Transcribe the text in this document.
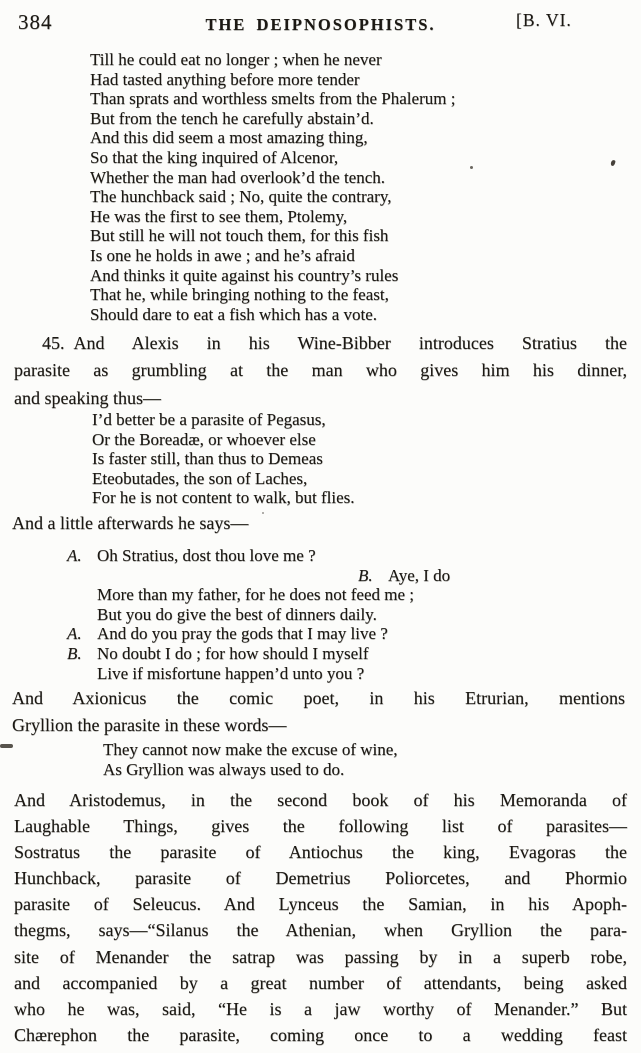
384	THE DEIPNOSOPHISTS.	[B. VI.
Till he could eat no longer ; when he never
Had tasted anything before more tender
Than sprats and worthless smelts from the Phalerum ;
But from the tench he carefully abstain’d.
And this did seem a most amazing thing,
So that the king inquired of Alcenor,
Whether the man had overlook’d the tench.
The hunchback said ; No, quite the contrary,
He was the first to see them, Ptolemy,
But still he will not touch them, for this fish
Is one he holds in awe ; and he’s afraid
And thinks it quite against his country’s rules
That he, while bringing nothing to the feast,
Should dare to eat a fish which has a vote.
45. And Alexis in his Wine-Bibber introduces Stratius the
parasite as grumbling at the man who gives him his dinner,
and speaking thus—
I’d better be a parasite of Pegasus,
Or the Boreadæ, or whoever else
Is faster still, than thus to Demeas
Eteobutades, the son of Laches,
For he is not content to walk, but flies.
And a little afterwards he says—
A. Oh Stratius, dost thou love me ?
B. Aye, I do
More than my father, for he does not feed me ;
But you do give the best of dinners daily.
A. And do you pray the gods that I may live ?
B. No doubt I do ; for how should I myself
Live if misfortune happen’d unto you ?
And Axionicus the comic poet, in his Etrurian, mentions
Gryllion the parasite in these words—
They cannot now make the excuse of wine,
As Gryllion was always used to do.
And Aristodemus, in the second book of his Memoranda of
Laughable Things, gives the following list of parasites—
Sostratus the parasite of Antiochus the king, Evagoras the
Hunchback, parasite of Demetrius Poliorcetes, and Phormio
parasite of Seleucus. And Lynceus the Samian, in his Apoph-
thegms, says—“Silanus the Athenian, when Gryllion the para-
site of Menander the satrap was passing by in a superb robe,
and accompanied by a great number of attendants, being asked
who he was, said, “He is a jaw worthy of Menander.” But
Chærephon the parasite, coming once to a wedding feast
